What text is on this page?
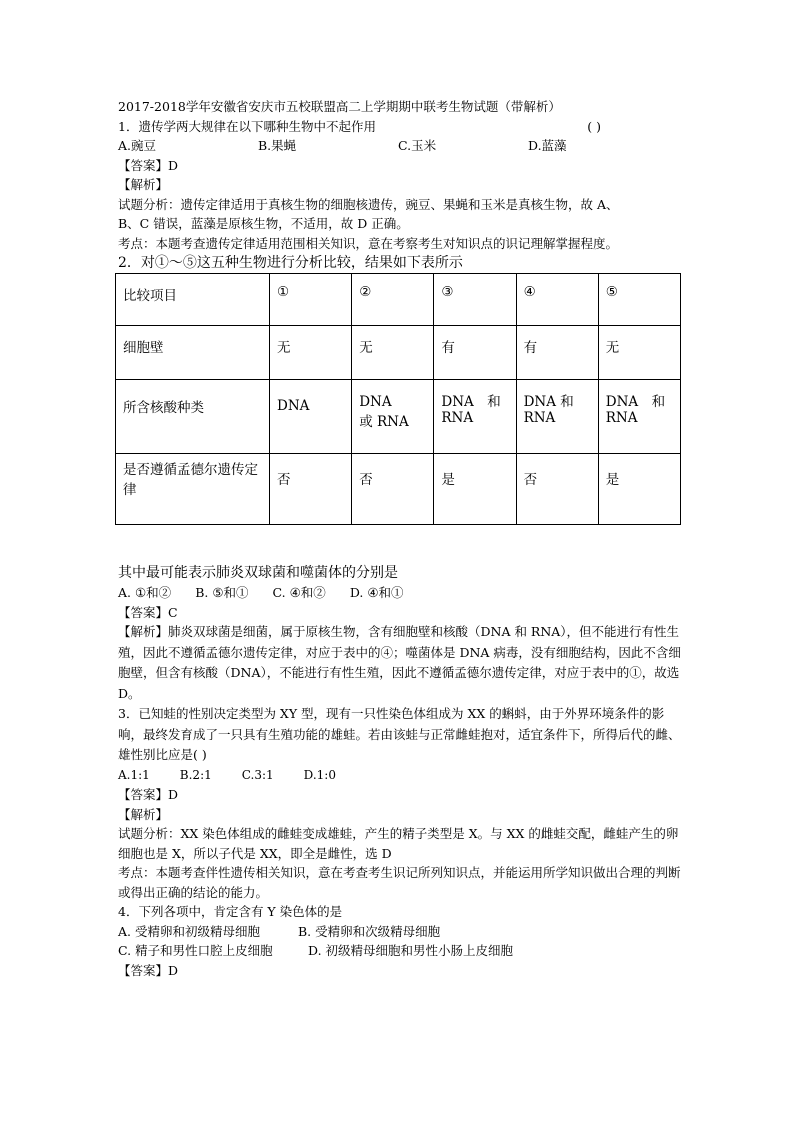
2017-2018学年安徽省安庆市五校联盟高二上学期期中联考生物试题（带解析）
1．遗传学两大规律在以下哪种生物中不起作用	( )
A.豌豆	B.果蝇	C.玉米	D.蓝藻
【答案】D
【解析】
试题分析：遗传定律适用于真核生物的细胞核遗传，豌豆、果蝇和玉米是真核生物，故 A、
B、C 错误，蓝藻是原核生物，不适用，故 D 正确。
考点：本题考查遗传定律适用范围相关知识，意在考察考生对知识点的识记理解掌握程度。
2．对①～⑤这五种生物进行分析比较，结果如下表所示
比较项目	①	②	③	④	⑤
细胞壁	无	无	有	有	无
所含核酸种类	DNA	DNA　　或 RNA	DNA　和 RNA	DNA 和 RNA	DNA　和 RNA
是否遵循孟德尔遗传定律	否	否	是	否	是
其中最可能表示肺炎双球菌和噬菌体的分别是
A. ①和② B. ⑤和① C. ④和② D. ④和①
【答案】C
【解析】肺炎双球菌是细菌，属于原核生物，含有细胞壁和核酸（DNA 和 RNA），但不能进行有性生殖，因此不遵循孟德尔遗传定律，对应于表中的④；噬菌体是 DNA 病毒，没有细胞结构，因此不含细胞壁，但含有核酸（DNA），不能进行有性生殖，因此不遵循孟德尔遗传定律，对应于表中的①，故选 D。
3．已知蛙的性别决定类型为 XY 型，现有一只性染色体组成为 XX 的蝌蚪，由于外界环境条件的影响，最终发育成了一只具有生殖功能的雄蛙。若由该蛙与正常雌蛙抱对，适宜条件下，所得后代的雌、雄性别比应是( )
A.1:1	B.2:1	C.3:1	D.1:0
【答案】D
【解析】
试题分析：XX 染色体组成的雌蛙变成雄蛙，产生的精子类型是 X。与 XX 的雌蛙交配，雌蛙产生的卵细胞也是 X，所以子代是 XX，即全是雌性，选 D
考点：本题考查伴性遗传相关知识，意在考查考生识记所列知识点，并能运用所学知识做出合理的判断或得出正确的结论的能力。
4．下列各项中，肯定含有 Y 染色体的是
A. 受精卵和初级精母细胞	B. 受精卵和次级精母细胞
C. 精子和男性口腔上皮细胞	D. 初级精母细胞和男性小肠上皮细胞
【答案】D
